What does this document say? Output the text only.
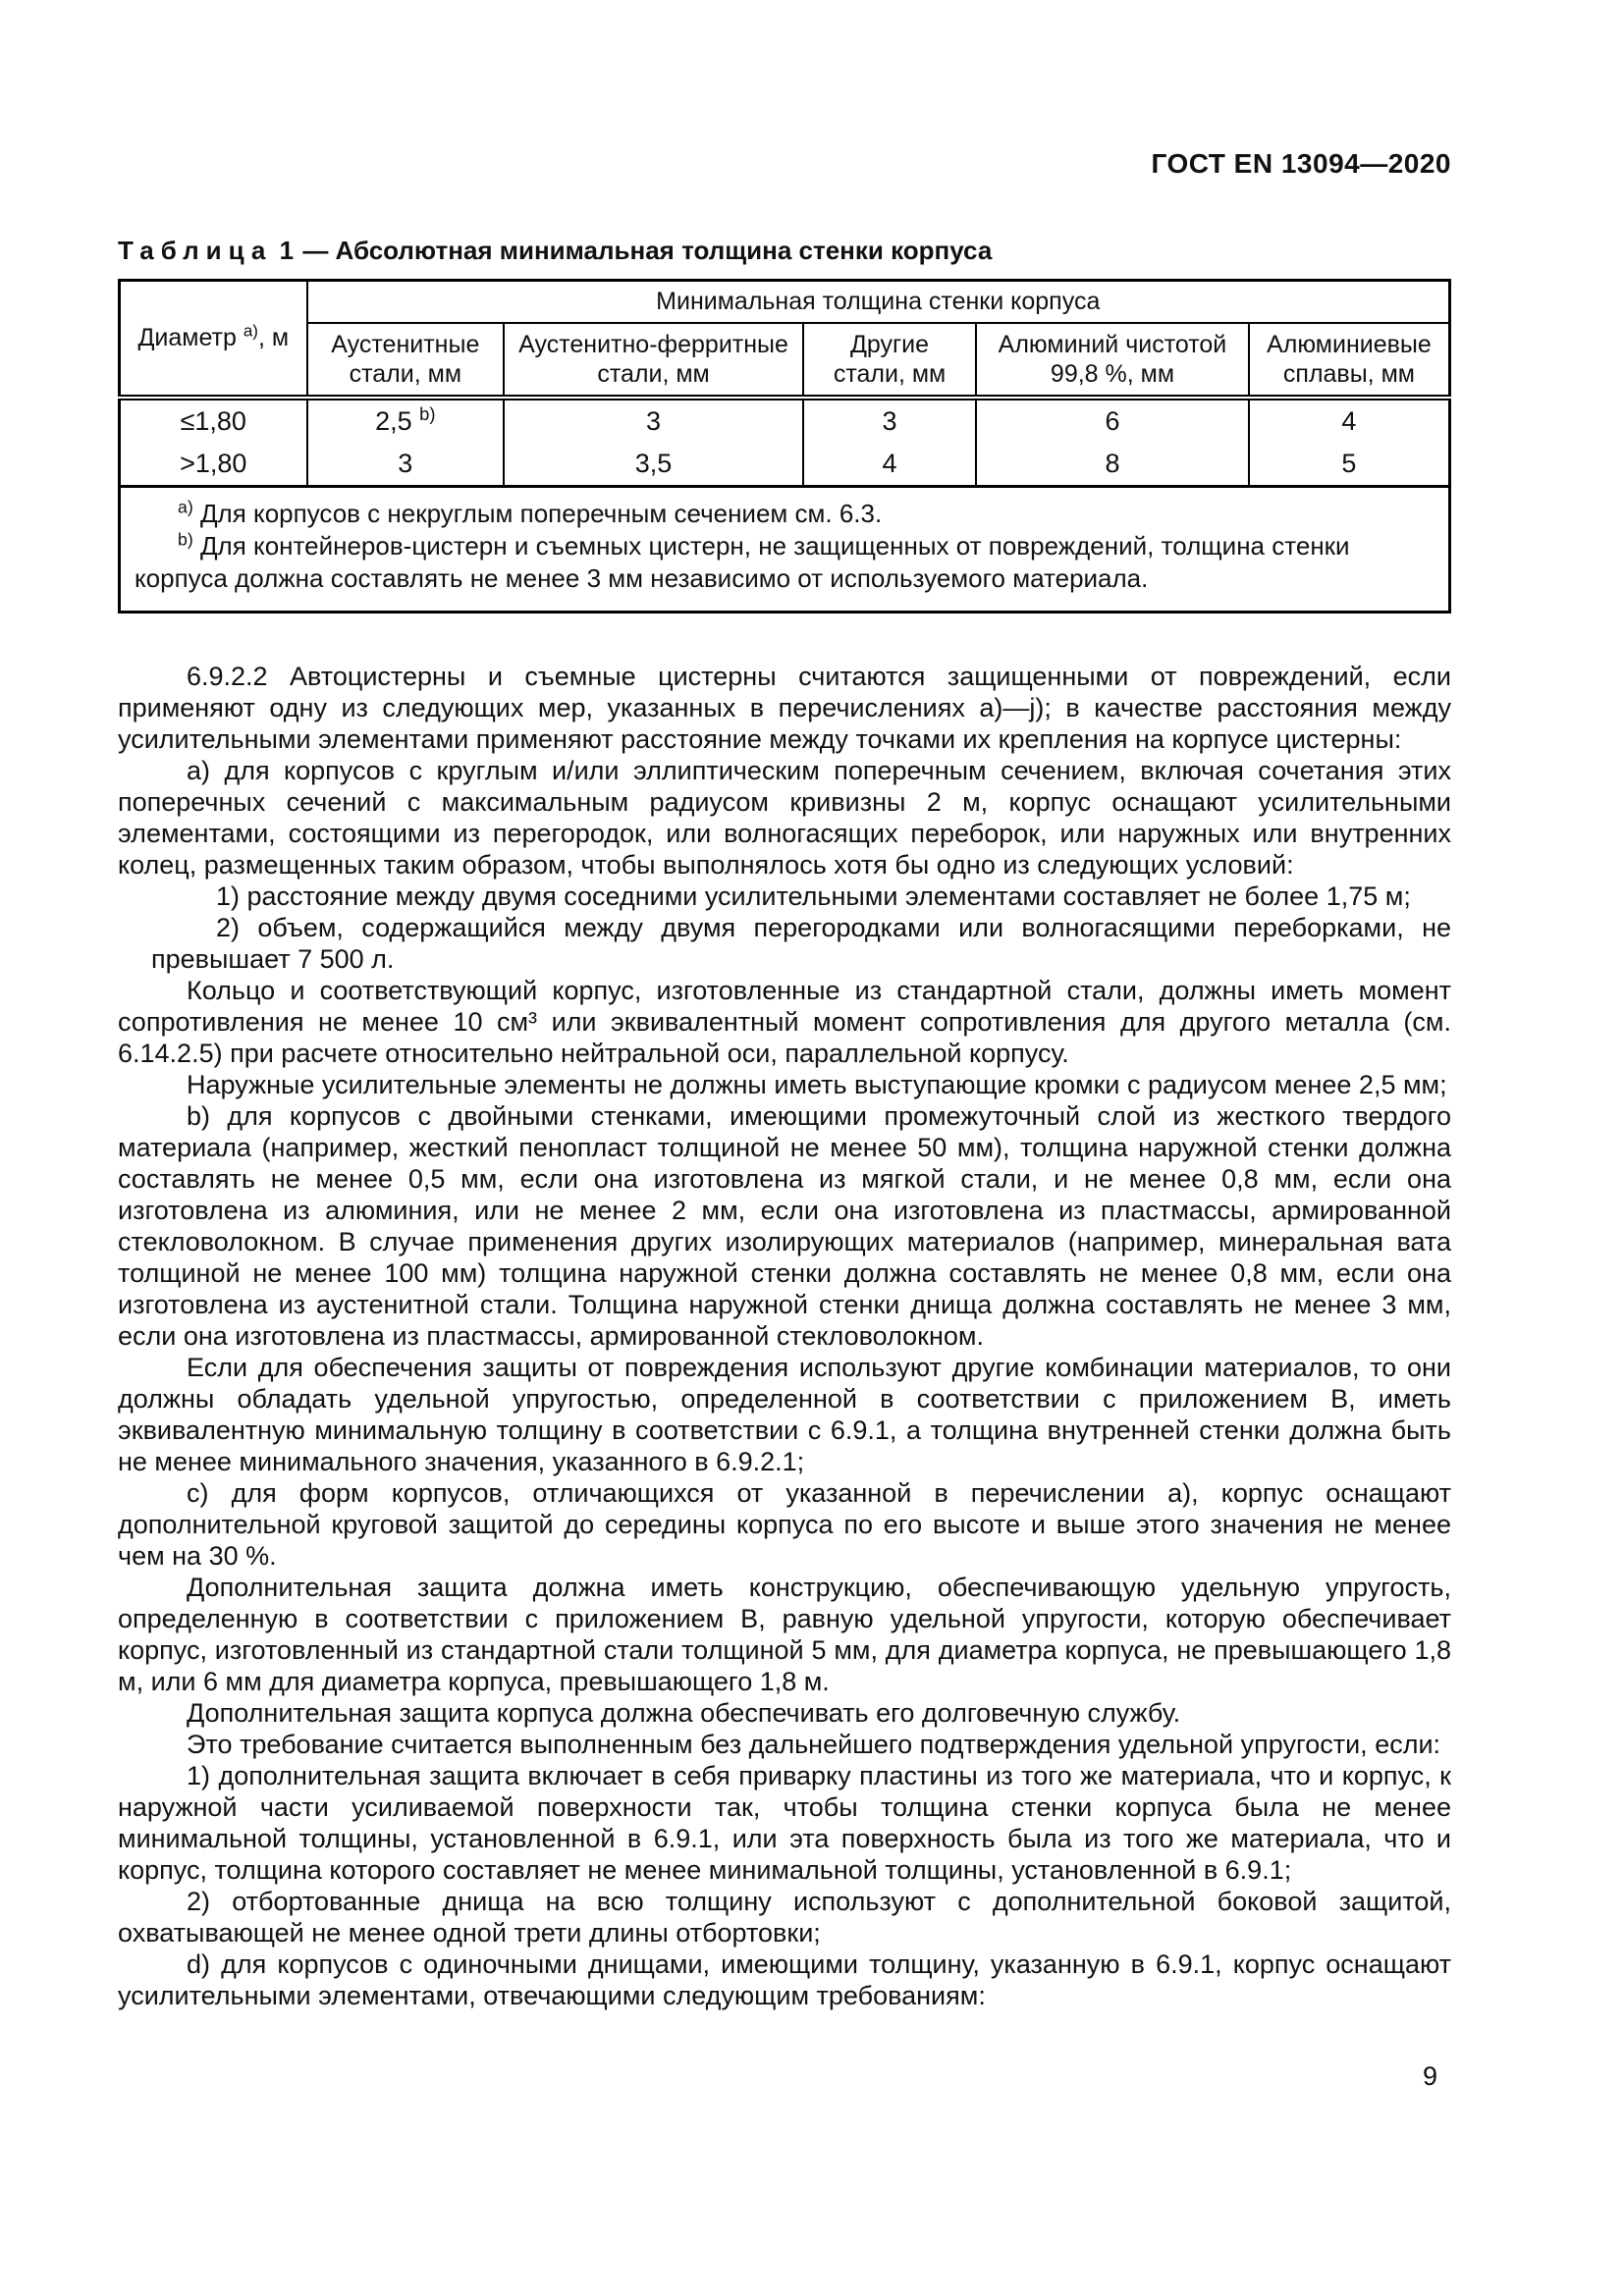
ГОСТ EN 13094—2020
Таблица 1 — Абсолютная минимальная толщина стенки корпуса
Диаметр $^{а)}$, м	Минимальная толщина стенки корпуса				
	Аустенитные стали, мм	Аустенитно-ферритные стали, мм	Другие стали, мм	Алюминий чистотой 99,8 %, мм	Алюминиевые сплавы, мм
≤1,80	2,5 $^{b)}$	3	3	6	4
>1,80	3	3,5	4	8	5

$^{а)}$ Для корпусов с некруглым поперечным сечением см. 6.3.

$^{b)}$ Для контейнеров-цистерн и съемных цистерн, не защищенных от повреждений, толщина стенки корпуса должна составлять не менее 3 мм независимо от используемого материала.					

6.9.2.2 Автоцистерны и съемные цистерны считаются защищенными от повреждений, если применяют одну из следующих мер, указанных в перечислениях a)—j); в качестве расстояния между усилительными элементами применяют расстояние между точками их крепления на корпусе цистерны:

a) для корпусов с круглым и/или эллиптическим поперечным сечением, включая сочетания этих поперечных сечений с максимальным радиусом кривизны 2 м, корпус оснащают усилительными элементами, состоящими из перегородок, или волногасящих переборок, или наружных или внутренних колец, размещенных таким образом, чтобы выполнялось хотя бы одно из следующих условий:

1) расстояние между двумя соседними усилительными элементами составляет не более 1,75 м;

2) объем, содержащийся между двумя перегородками или волногасящими переборками, не превышает 7 500 л.

Кольцо и соответствующий корпус, изготовленные из стандартной стали, должны иметь момент сопротивления не менее 10 см³ или эквивалентный момент сопротивления для другого металла (см. 6.14.2.5) при расчете относительно нейтральной оси, параллельной корпусу.

Наружные усилительные элементы не должны иметь выступающие кромки с радиусом менее 2,5 мм;

b) для корпусов с двойными стенками, имеющими промежуточный слой из жесткого твердого материала (например, жесткий пенопласт толщиной не менее 50 мм), толщина наружной стенки должна составлять не менее 0,5 мм, если она изготовлена из мягкой стали, и не менее 0,8 мм, если она изготовлена из алюминия, или не менее 2 мм, если она изготовлена из пластмассы, армированной стекловолокном. В случае применения других изолирующих материалов (например, минеральная вата толщиной не менее 100 мм) толщина наружной стенки должна составлять не менее 0,8 мм, если она изготовлена из аустенитной стали. Толщина наружной стенки днища должна составлять не менее 3 мм, если она изготовлена из пластмассы, армированной стекловолокном.

Если для обеспечения защиты от повреждения используют другие комбинации материалов, то они должны обладать удельной упругостью, определенной в соответствии с приложением В, иметь эквивалентную минимальную толщину в соответствии с 6.9.1, а толщина внутренней стенки должна быть не менее минимального значения, указанного в 6.9.2.1;

c) для форм корпусов, отличающихся от указанной в перечислении a), корпус оснащают дополнительной круговой защитой до середины корпуса по его высоте и выше этого значения не менее чем на 30 %.

Дополнительная защита должна иметь конструкцию, обеспечивающую удельную упругость, определенную в соответствии с приложением В, равную удельной упругости, которую обеспечивает корпус, изготовленный из стандартной стали толщиной 5 мм, для диаметра корпуса, не превышающего 1,8 м, или 6 мм для диаметра корпуса, превышающего 1,8 м.

Дополнительная защита корпуса должна обеспечивать его долговечную службу.

Это требование считается выполненным без дальнейшего подтверждения удельной упругости, если:

1) дополнительная защита включает в себя приварку пластины из того же материала, что и корпус, к наружной части усиливаемой поверхности так, чтобы толщина стенки корпуса была не менее минимальной толщины, установленной в 6.9.1, или эта поверхность была из того же материала, что и корпус, толщина которого составляет не менее минимальной толщины, установленной в 6.9.1;

2) отбортованные днища на всю толщину используют с дополнительной боковой защитой, охватывающей не менее одной трети длины отбортовки;

d) для корпусов с одиночными днищами, имеющими толщину, указанную в 6.9.1, корпус оснащают усилительными элементами, отвечающими следующим требованиям:

9
